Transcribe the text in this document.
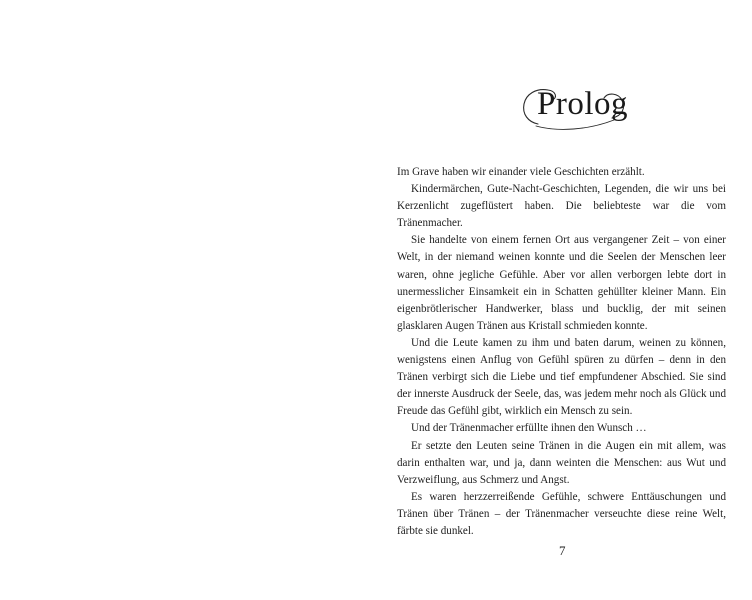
Prolog

Im Grave haben wir einander viele Geschichten erzählt.

Kindermärchen, Gute-Nacht-Geschichten, Legenden, die wir uns bei Kerzenlicht zugeflüstert haben. Die beliebteste war die vom Tränenmacher.

Sie handelte von einem fernen Ort aus vergangener Zeit – von einer Welt, in der niemand weinen konnte und die Seelen der Menschen leer waren, ohne jegliche Gefühle. Aber vor allen verborgen lebte dort in unermesslicher Einsamkeit ein in Schatten gehüllter kleiner Mann. Ein eigenbrötlerischer Handwerker, blass und bucklig, der mit seinen glasklaren Augen Tränen aus Kristall schmieden konnte.

Und die Leute kamen zu ihm und baten darum, weinen zu können, wenigstens einen Anflug von Gefühl spüren zu dürfen – denn in den Tränen verbirgt sich die Liebe und tief empfundener Abschied. Sie sind der innerste Ausdruck der Seele, das, was jedem mehr noch als Glück und Freude das Gefühl gibt, wirklich ein Mensch zu sein.

Und der Tränenmacher erfüllte ihnen den Wunsch …

Er setzte den Leuten seine Tränen in die Augen ein mit allem, was darin enthalten war, und ja, dann weinten die Menschen: aus Wut und Verzweiflung, aus Schmerz und Angst.

Es waren herzzerreißende Gefühle, schwere Enttäuschungen und Tränen über Tränen – der Tränenmacher verseuchte diese reine Welt, färbte sie dunkel.

7
